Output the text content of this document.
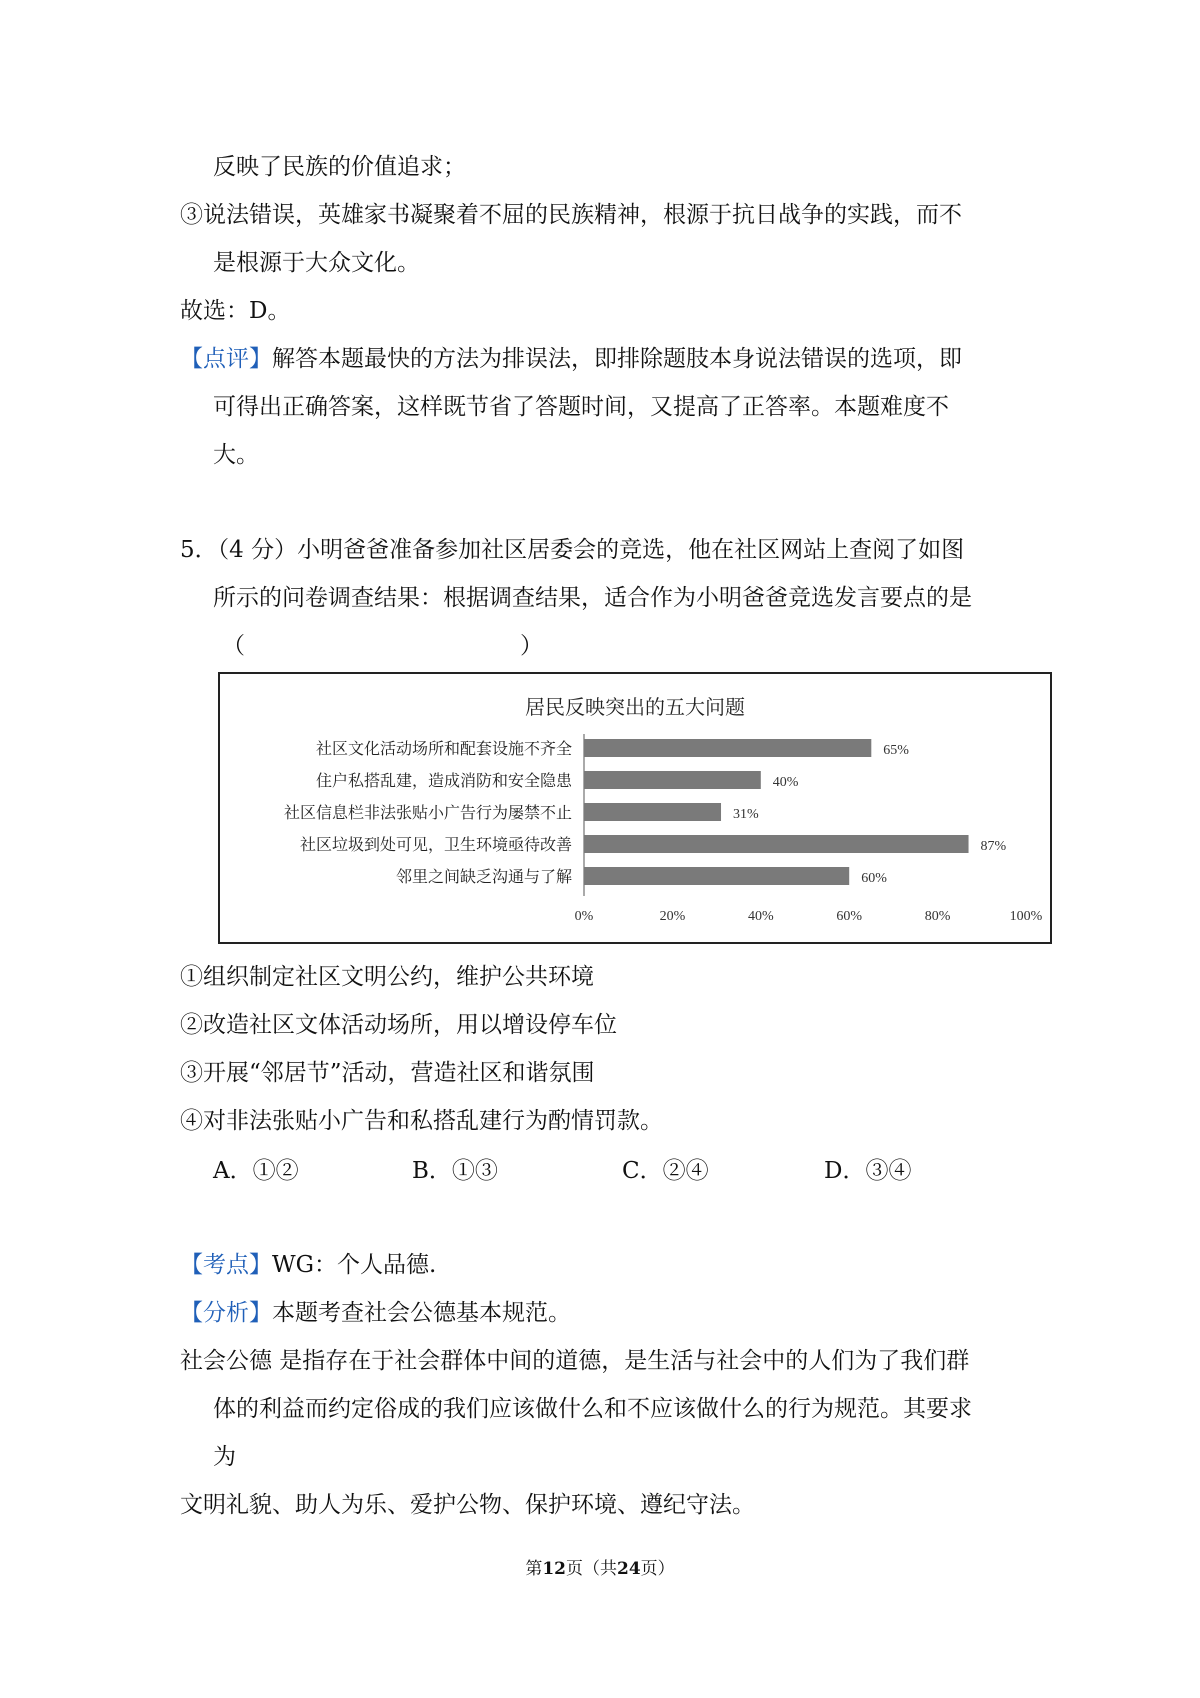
反映了民族的价值追求；
③说法错误，英雄家书凝聚着不屈的民族精神，根源于抗日战争的实践，而不
是根源于大众文化。
故选：D。
【点评】解答本题最快的方法为排误法，即排除题肢本身说法错误的选项，即
可得出正确答案，这样既节省了答题时间，又提高了正答率。本题难度不
大。
5．（4 分）小明爸爸准备参加社区居委会的竞选，他在社区网站上查阅了如图
所示的问卷调查结果：根据调查结果，适合作为小明爸爸竞选发言要点的是
（	）
居民反映突出的五大问题
社区文化活动场所和配套设施不齐全	65%
住户私搭乱建，造成消防和安全隐患	40%
社区信息栏非法张贴小广告行为屡禁不止	31%
社区垃圾到处可见，卫生环境亟待改善	87%
邻里之间缺乏沟通与了解	60%
0%	20%	40%	60%	80%	100%
①组织制定社区文明公约，维护公共环境
②改造社区文体活动场所，用以增设停车位
③开展“邻居节”活动，营造社区和谐氛围
④对非法张贴小广告和私搭乱建行为酌情罚款。
A．①②	B．①③	C．②④	D．③④
【考点】WG：个人品德.
【分析】本题考查社会公德基本规范。
社会公德 是指存在于社会群体中间的道德，是生活与社会中的人们为了我们群
体的利益而约定俗成的我们应该做什么和不应该做什么的行为规范。其要求
为
文明礼貌、助人为乐、爱护公物、保护环境、遵纪守法。
第12页（共24页）
